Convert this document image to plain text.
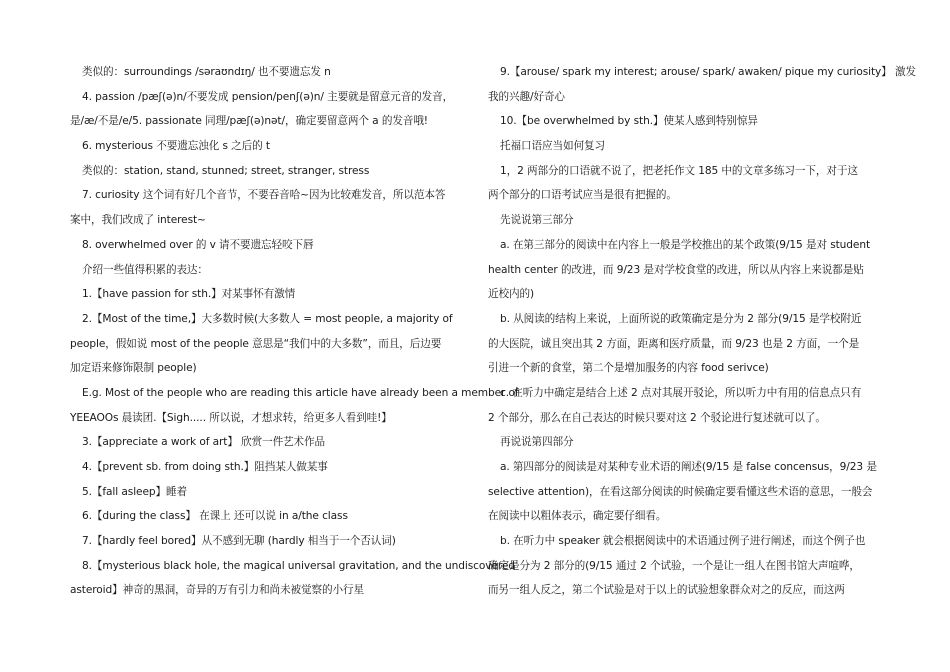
类似的：surroundings /səraʊndɪŋ/ 也不要遗忘发 n
4. passion /pæʃ(ə)n/不要发成 pension/penʃ(ə)n/ 主要就是留意元音的发音，
是/æ/不是/e/5. passionate 同理/pæʃ(ə)nət/，确定要留意两个 a 的发音哦!
6. mysterious 不要遗忘浊化 s 之后的 t
类似的：station, stand, stunned; street, stranger, stress
7. curiosity 这个词有好几个音节，不要吞音哈~因为比较难发音，所以范本答
案中，我们改成了 interest~
8. overwhelmed over 的 v 请不要遗忘轻咬下唇
介绍一些值得积累的表达：
1.【have passion for sth.】对某事怀有激情
2.【Most of the time,】大多数时候(大多数人 = most people, a majority of
people，假如说 most of the people 意思是“我们中的大多数”，而且，后边要
加定语来修饰限制 people)
E.g. Most of the people who are reading this article have already been a member of
YEEAOOs 晨读团.【Sigh..... 所以说，才想求转，给更多人看到哇!】
3.【appreciate a work of art】 欣赏一件艺术作品
4.【prevent sb. from doing sth.】阻挡某人做某事
5.【fall asleep】睡着
6.【during the class】 在课上 还可以说 in a/the class
7.【hardly feel bored】从不感到无聊 (hardly 相当于一个否认词)
8.【mysterious black hole, the magical universal gravitation, and the undiscovered
asteroid】神奇的黑洞，奇异的万有引力和尚未被觉察的小行星
9.【arouse/ spark my interest; arouse/ spark/ awaken/ pique my curiosity】 激发
我的兴趣/好奇心
10.【be overwhelmed by sth.】使某人感到特别惊异
托福口语应当如何复习
1，2 两部分的口语就不说了，把老托作文 185 中的文章多练习一下，对于这
两个部分的口语考试应当是很有把握的。
先说说第三部分
a. 在第三部分的阅读中在内容上一般是学校推出的某个政策(9/15 是对 student
health center 的改进，而 9/23 是对学校食堂的改进，所以从内容上来说都是贴
近校内的)
b. 从阅读的结构上来说，上面所说的政策确定是分为 2 部分(9/15 是学校附近
的大医院，诚且突出其 2 方面，距离和医疗质量，而 9/23 也是 2 方面，一个是
引进一个新的食堂，第二个是增加服务的内容 food serivce)
c. 在听力中确定是结合上述 2 点对其展开驳论，所以听力中有用的信息点只有
2 个部分，那么在自己表达的时候只要对这 2 个驳论进行复述就可以了。
再说说第四部分
a. 第四部分的阅读是对某种专业术语的阐述(9/15 是 false concensus，9/23 是
selective attention)，在看这部分阅读的时候确定要看懂这些术语的意思，一般会
在阅读中以粗体表示，确定要仔细看。
b. 在听力中 speaker 就会根据阅读中的术语通过例子进行阐述，而这个例子也
确定是分为 2 部分的(9/15 通过 2 个试验，一个是让一组人在图书馆大声喧哗，
而另一组人反之，第二个试验是对于以上的试验想象群众对之的反应，而这两
